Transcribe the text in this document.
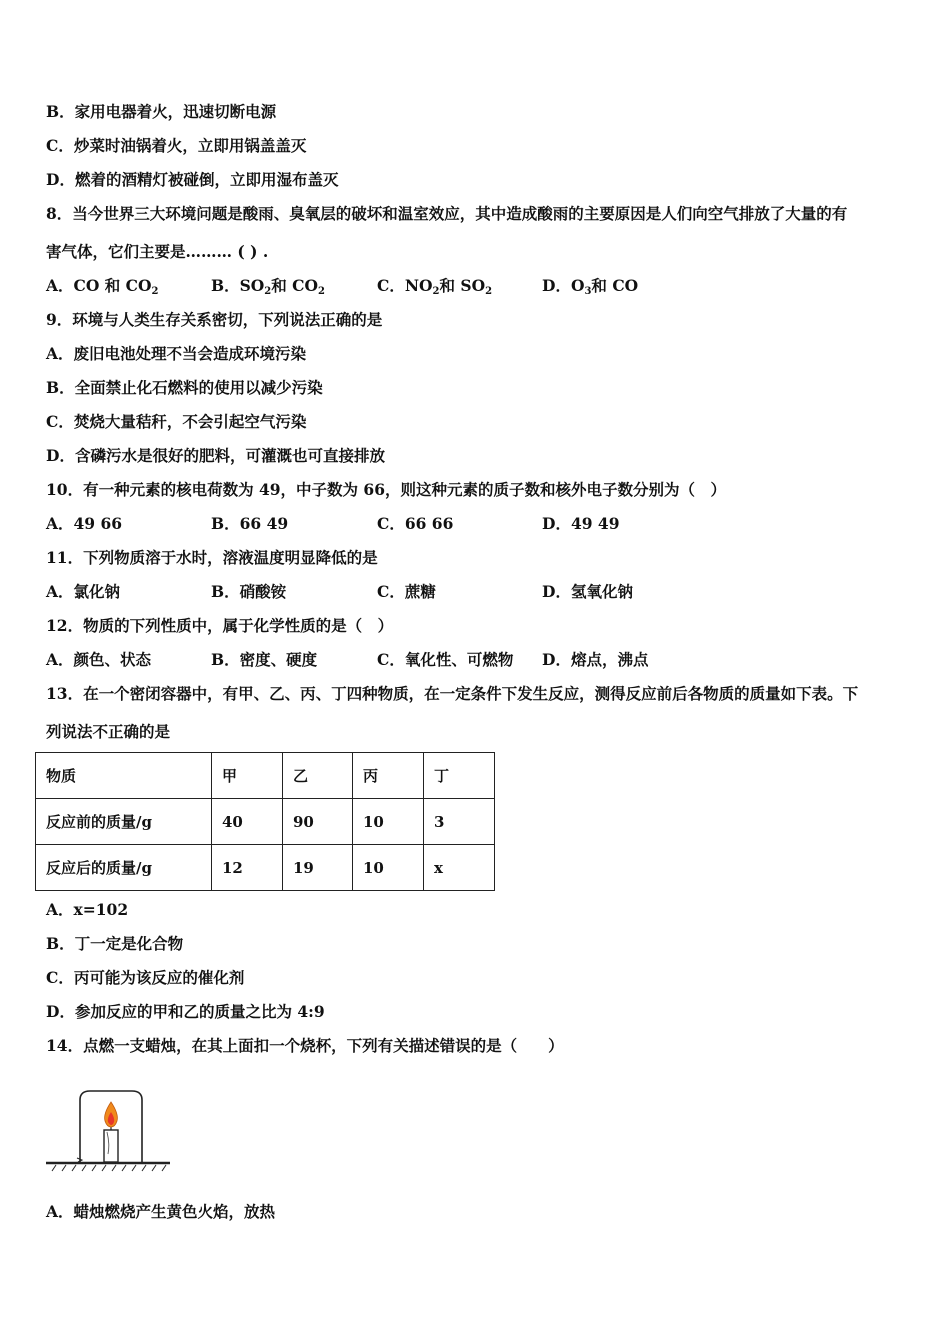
B．家用电器着火，迅速切断电源
C．炒菜时油锅着火，立即用锅盖盖灭
D．燃着的酒精灯被碰倒，立即用湿布盖灭
8．当今世界三大环境问题是酸雨、臭氧层的破坏和温室效应，其中造成酸雨的主要原因是人们向空气排放了大量的有
害气体，它们主要是……… ( ) .
A．CO 和 $CO_2$	B．$SO_2$和 $CO_2$	C．$NO_2$和 $SO_2$	D．$O_3$和 CO
9．环境与人类生存关系密切，下列说法正确的是
A．废旧电池处理不当会造成环境污染
B．全面禁止化石燃料的使用以减少污染
C．焚烧大量秸秆，不会引起空气污染
D．含磷污水是很好的肥料，可灌溉也可直接排放
10．有一种元素的核电荷数为 49，中子数为 66，则这种元素的质子数和核外电子数分别为（　）
A．49 66	B．66 49	C．66 66	D．49 49
11．下列物质溶于水时，溶液温度明显降低的是
A．氯化钠	B．硝酸铵	C．蔗糖	D．氢氧化钠
12．物质的下列性质中，属于化学性质的是（　）
A．颜色、状态	B．密度、硬度	C．氧化性、可燃物 D．熔点，沸点
13．在一个密闭容器中，有甲、乙、丙、丁四种物质，在一定条件下发生反应，测得反应前后各物质的质量如下表。下
列说法不正确的是
物质	甲	乙	丙	丁
反应前的质量/g	40	90	10	3
反应后的质量/g	12	19	10	x
A．x=102
B．丁一定是化合物
C．丙可能为该反应的催化剂
D．参加反应的甲和乙的质量之比为 4:9
14．点燃一支蜡烛，在其上面扣一个烧杯，下列有关描述错误的是（　　）
A．蜡烛燃烧产生黄色火焰，放热
